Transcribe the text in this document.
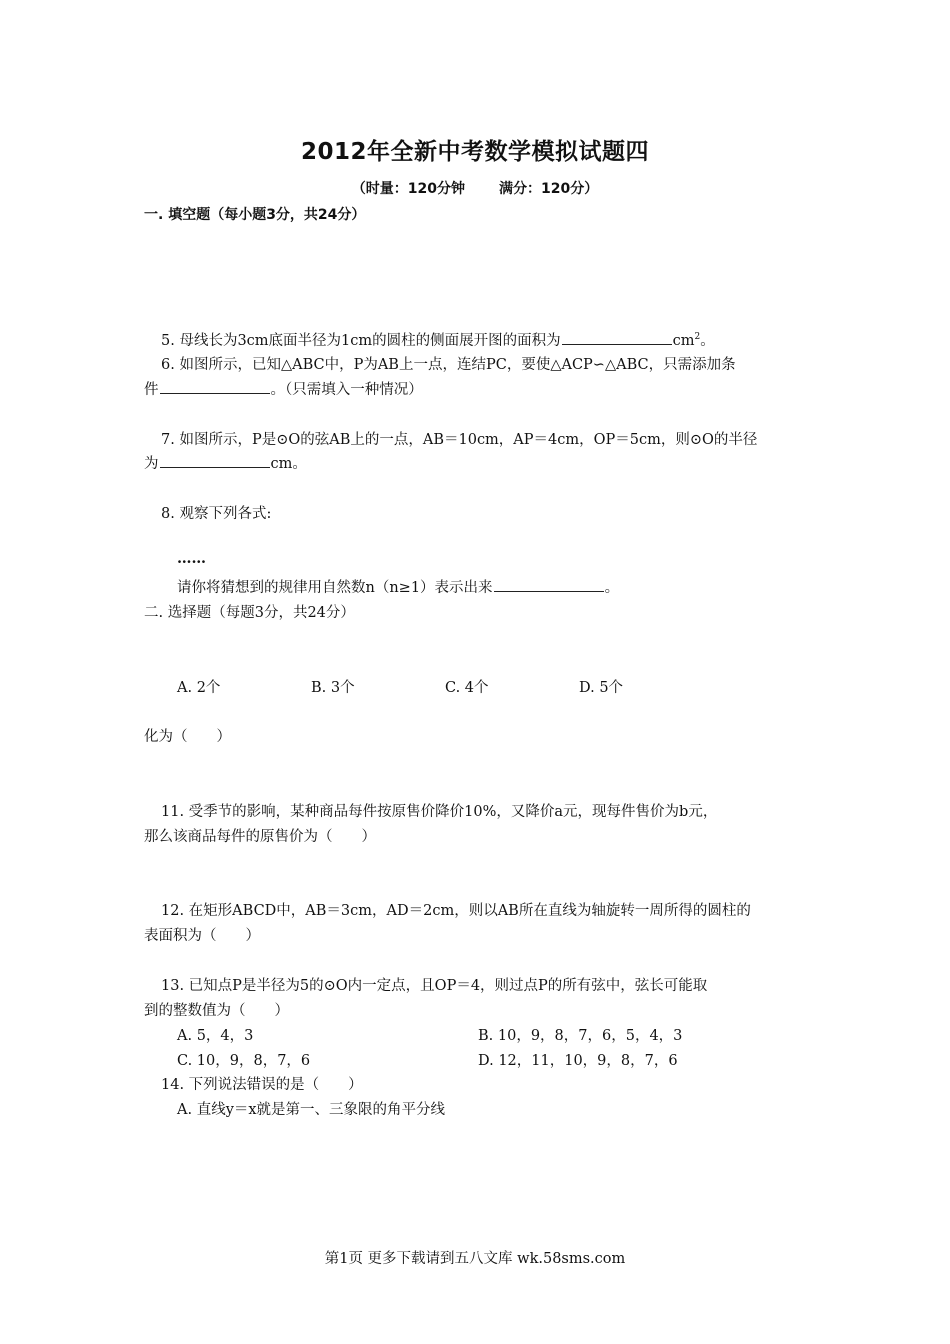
2012年全新中考数学模拟试题四
（时量：120分钟 满分：120分）
一. 填空题（每小题3分，共24分）
5. 母线长为3cm底面半径为1cm的圆柱的侧面展开图的面积为	$cm^2$。
6. 如图所示，已知△ABC中，P为AB上一点，连结PC，要使△ACP∽△ABC，只需添加条
件	。（只需填入一种情况）
7. 如图所示，P是⊙O的弦AB上的一点，AB＝10cm，AP＝4cm，OP＝5cm，则⊙O的半径
为	cm。
8. 观察下列各式:
……
请你将猜想到的规律用自然数n（n≥1）表示出来	。
二. 选择题（每题3分，共24分）
A. 2个	B. 3个	C. 4个	D. 5个
化为（　　）
11. 受季节的影响，某种商品每件按原售价降价10%，又降价a元，现每件售价为b元，
那么该商品每件的原售价为（　　）
12. 在矩形ABCD中，AB＝3cm，AD＝2cm，则以AB所在直线为轴旋转一周所得的圆柱的
表面积为（　　）
13. 已知点P是半径为5的⊙O内一定点，且OP＝4，则过点P的所有弦中，弦长可能取
到的整数值为（　　）
A. 5，4，3	B. 10，9，8，7，6，5，4，3
C. 10，9，8，7，6	D. 12，11，10，9，8，7，6
14. 下列说法错误的是（　　）
A. 直线y＝x就是第一、三象限的角平分线
第1页 更多下载请到五八文库 wk.58sms.com
